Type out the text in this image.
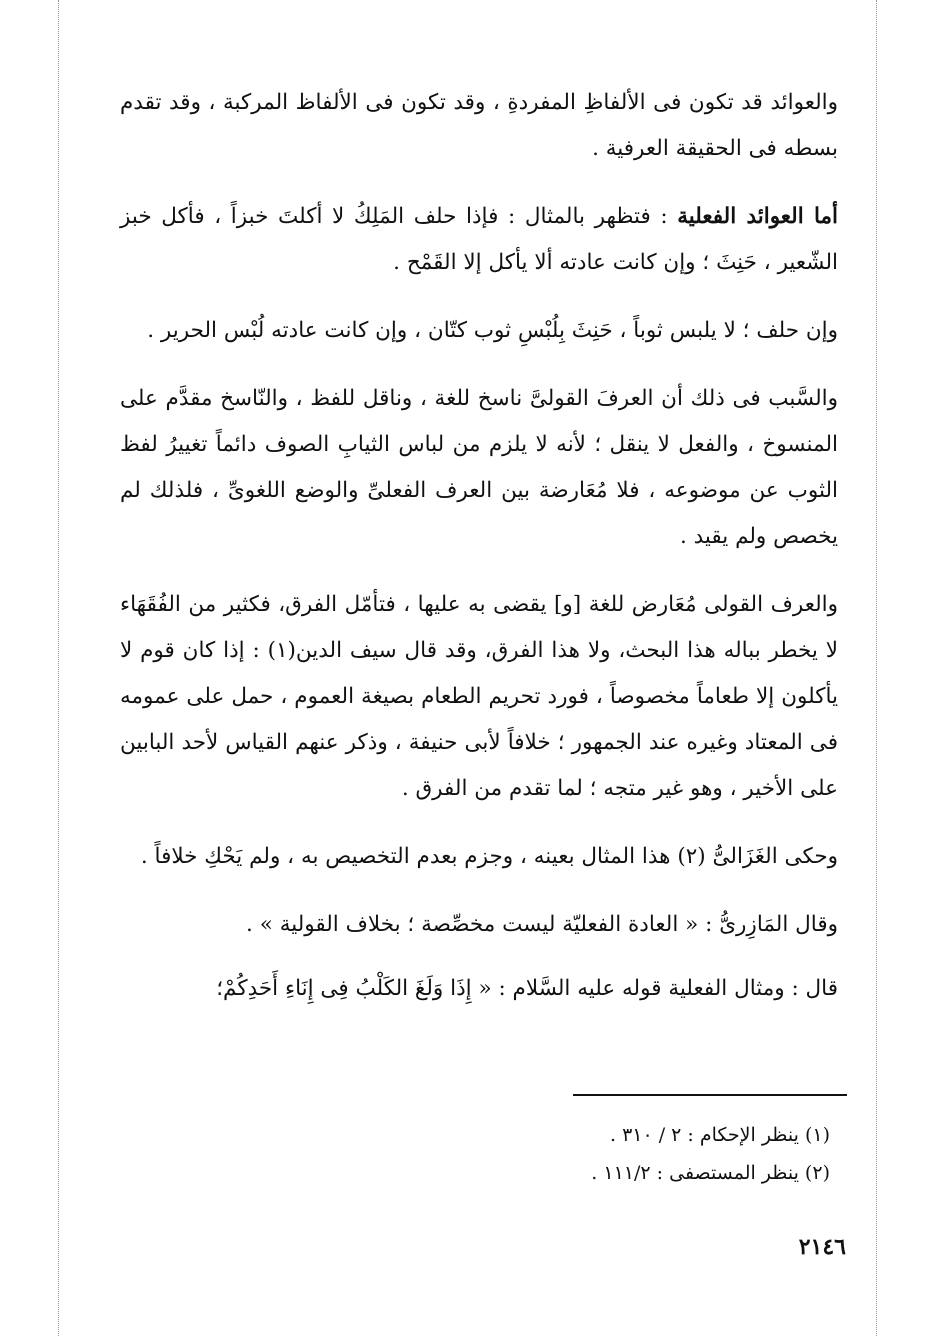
والعوائد قد تكون فى الألفاظِ المفردةِ ، وقد تكون فى الألفاظ المركبة ، وقد تقدم بسطه فى الحقيقة العرفية .

أما العوائد الفعلية : فتظهر بالمثال : فإذا حلف المَلِكُ لا أكلتَ خبزاً ، فأكل خبز الشّعير ، حَنِثَ ؛ وإن كانت عادته ألا يأكل إلا القَمْح .

وإن حلف ؛ لا يلبس ثوباً ، حَنِثَ بِلُبْسِ ثوب كتّان ، وإن كانت عادته لُبْس الحرير .

والسَّبب فى ذلك أن العرفَ القولىَّ ناسخ للغة ، وناقل للفظ ، والنّاسخ مقدَّم على المنسوخ ، والفعل لا ينقل ؛ لأنه لا يلزم من لباس الثيابِ الصوف دائماً تغييرُ لفظ الثوب عن موضوعه ، فلا مُعَارضة بين العرف الفعلىِّ والوضع اللغوىِّ ، فلذلك لم يخصص ولم يقيد .

والعرف القولى مُعَارض للغة [و] يقضى به عليها ، فتأمّل الفرق، فكثير من الفُقَهَاء لا يخطر بباله هذا البحث، ولا هذا الفرق، وقد قال سيف الدين(١) : إذا كان قوم لا يأكلون إلا طعاماً مخصوصاً ، فورد تحريم الطعام بصيغة العموم ، حمل على عمومه فى المعتاد وغيره عند الجمهور ؛ خلافاً لأبى حنيفة ، وذكر عنهم القياس لأحد البابين على الأخير ، وهو غير متجه ؛ لما تقدم من الفرق .

وحكى الغَزَالىُّ (٢) هذا المثال بعينه ، وجزم بعدم التخصيص به ، ولم يَحْكِ خلافاً .

وقال المَازِرىُّ : « العادة الفعليّة ليست مخصِّصة ؛ بخلاف القولية » .

قال : ومثال الفعلية قوله عليه السَّلام : « إِذَا وَلَغَ الكَلْبُ فِى إِنَاءِ أَحَدِكُمْ؛

(١) ينظر الإحكام : ٢ / ٣١٠ .
(٢) ينظر المستصفى : ١١١/٢ .
٢١٤٦
